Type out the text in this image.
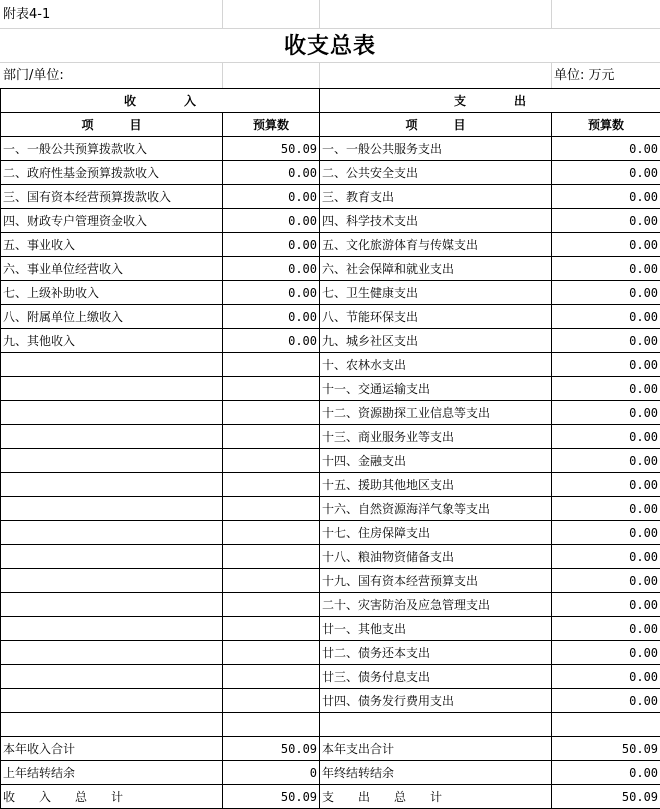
附表4-1
收支总表
部门/单位:	单位: 万元
收　　　　入		支　　　　出	
项　　　目	预算数	项　　　目	预算数
一、一般公共预算拨款收入	50.09	一、一般公共服务支出	0.00
二、政府性基金预算拨款收入	0.00	二、公共安全支出	0.00
三、国有资本经营预算拨款收入	0.00	三、教育支出	0.00
四、财政专户管理资金收入	0.00	四、科学技术支出	0.00
五、事业收入	0.00	五、文化旅游体育与传媒支出	0.00
六、事业单位经营收入	0.00	六、社会保障和就业支出	0.00
七、上级补助收入	0.00	七、卫生健康支出	0.00
八、附属单位上缴收入	0.00	八、节能环保支出	0.00
九、其他收入	0.00	九、城乡社区支出	0.00
		十、农林水支出	0.00
		十一、交通运输支出	0.00
		十二、资源勘探工业信息等支出	0.00
		十三、商业服务业等支出	0.00
		十四、金融支出	0.00
		十五、援助其他地区支出	0.00
		十六、自然资源海洋气象等支出	0.00
		十七、住房保障支出	0.00
		十八、粮油物资储备支出	0.00
		十九、国有资本经营预算支出	0.00
		二十、灾害防治及应急管理支出	0.00
		廿一、其他支出	0.00
		廿二、债务还本支出	0.00
		廿三、债务付息支出	0.00
		廿四、债务发行费用支出	0.00

本年收入合计	50.09	本年支出合计	50.09
上年结转结余	0	年终结转结余	0.00
收　　入　　总　　计	50.09	支　　出　　总　　计	50.09
